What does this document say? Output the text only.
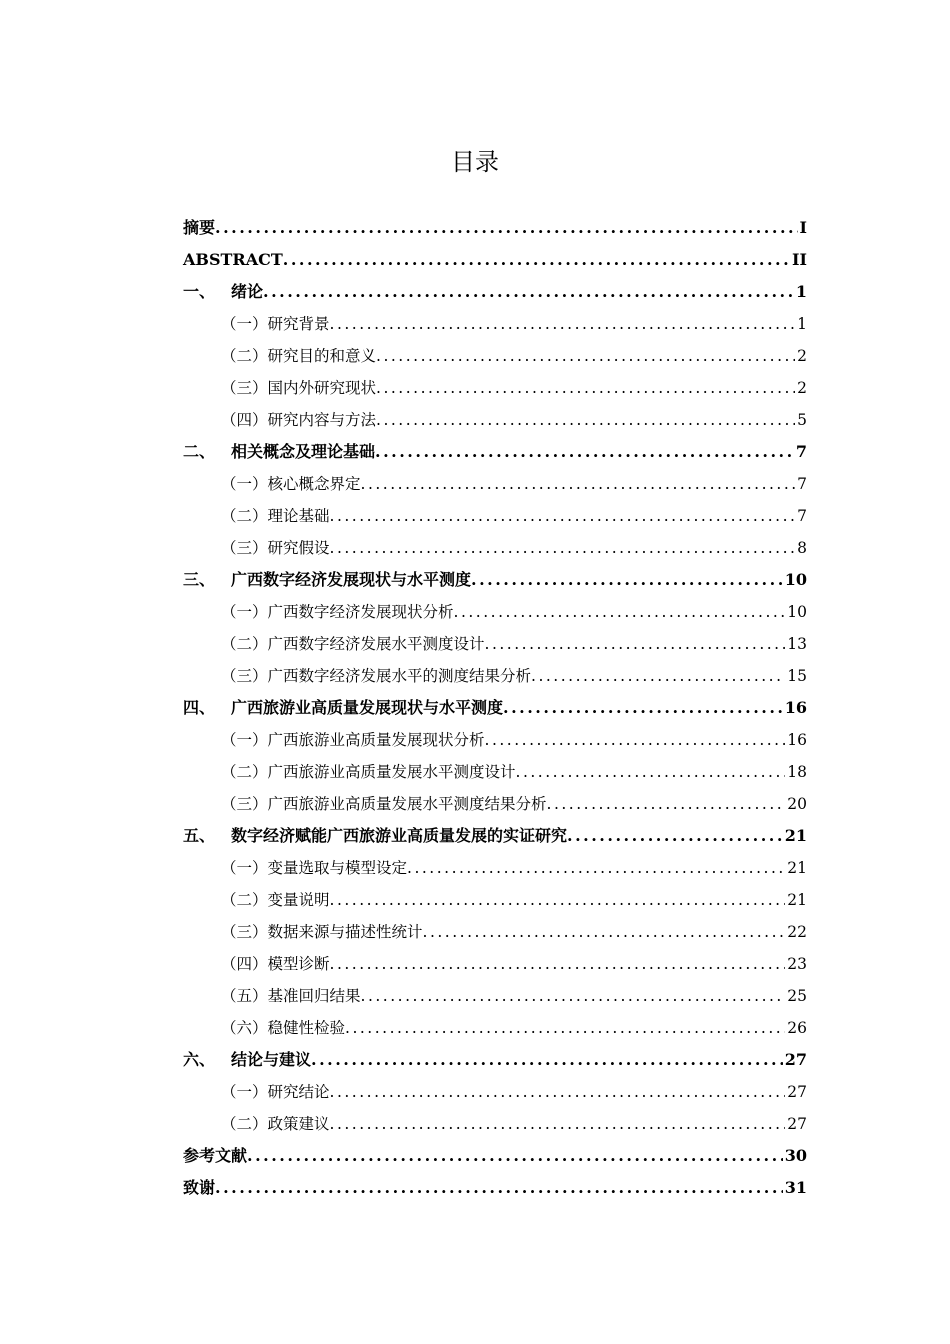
目录
摘要 .....	I
ABSTRACT .....	II
一、 绪论 .....	1
（一）研究背景 .....	1
（二）研究目的和意义 .....	2
（三）国内外研究现状 .....	2
（四）研究内容与方法 .....	5
二、 相关概念及理论基础 .....	7
（一）核心概念界定 .....	7
（二）理论基础 .....	7
（三）研究假设 .....	8
三、 广西数字经济发展现状与水平测度 .....	10
（一）广西数字经济发展现状分析 .....	10
（二）广西数字经济发展水平测度设计 .....	13
（三）广西数字经济发展水平的测度结果分析 .....	15
四、 广西旅游业高质量发展现状与水平测度 .....	16
（一）广西旅游业高质量发展现状分析 .....	16
（二）广西旅游业高质量发展水平测度设计 .....	18
（三）广西旅游业高质量发展水平测度结果分析 .....	20
五、 数字经济赋能广西旅游业高质量发展的实证研究 .....	21
（一）变量选取与模型设定 .....	21
（二）变量说明 .....	21
（三）数据来源与描述性统计 .....	22
（四）模型诊断 .....	23
（五）基准回归结果 .....	25
（六）稳健性检验 .....	26
六、 结论与建议 .....	27
（一）研究结论 .....	27
（二）政策建议 .....	27
参考文献 .....	30
致谢 .....	31
